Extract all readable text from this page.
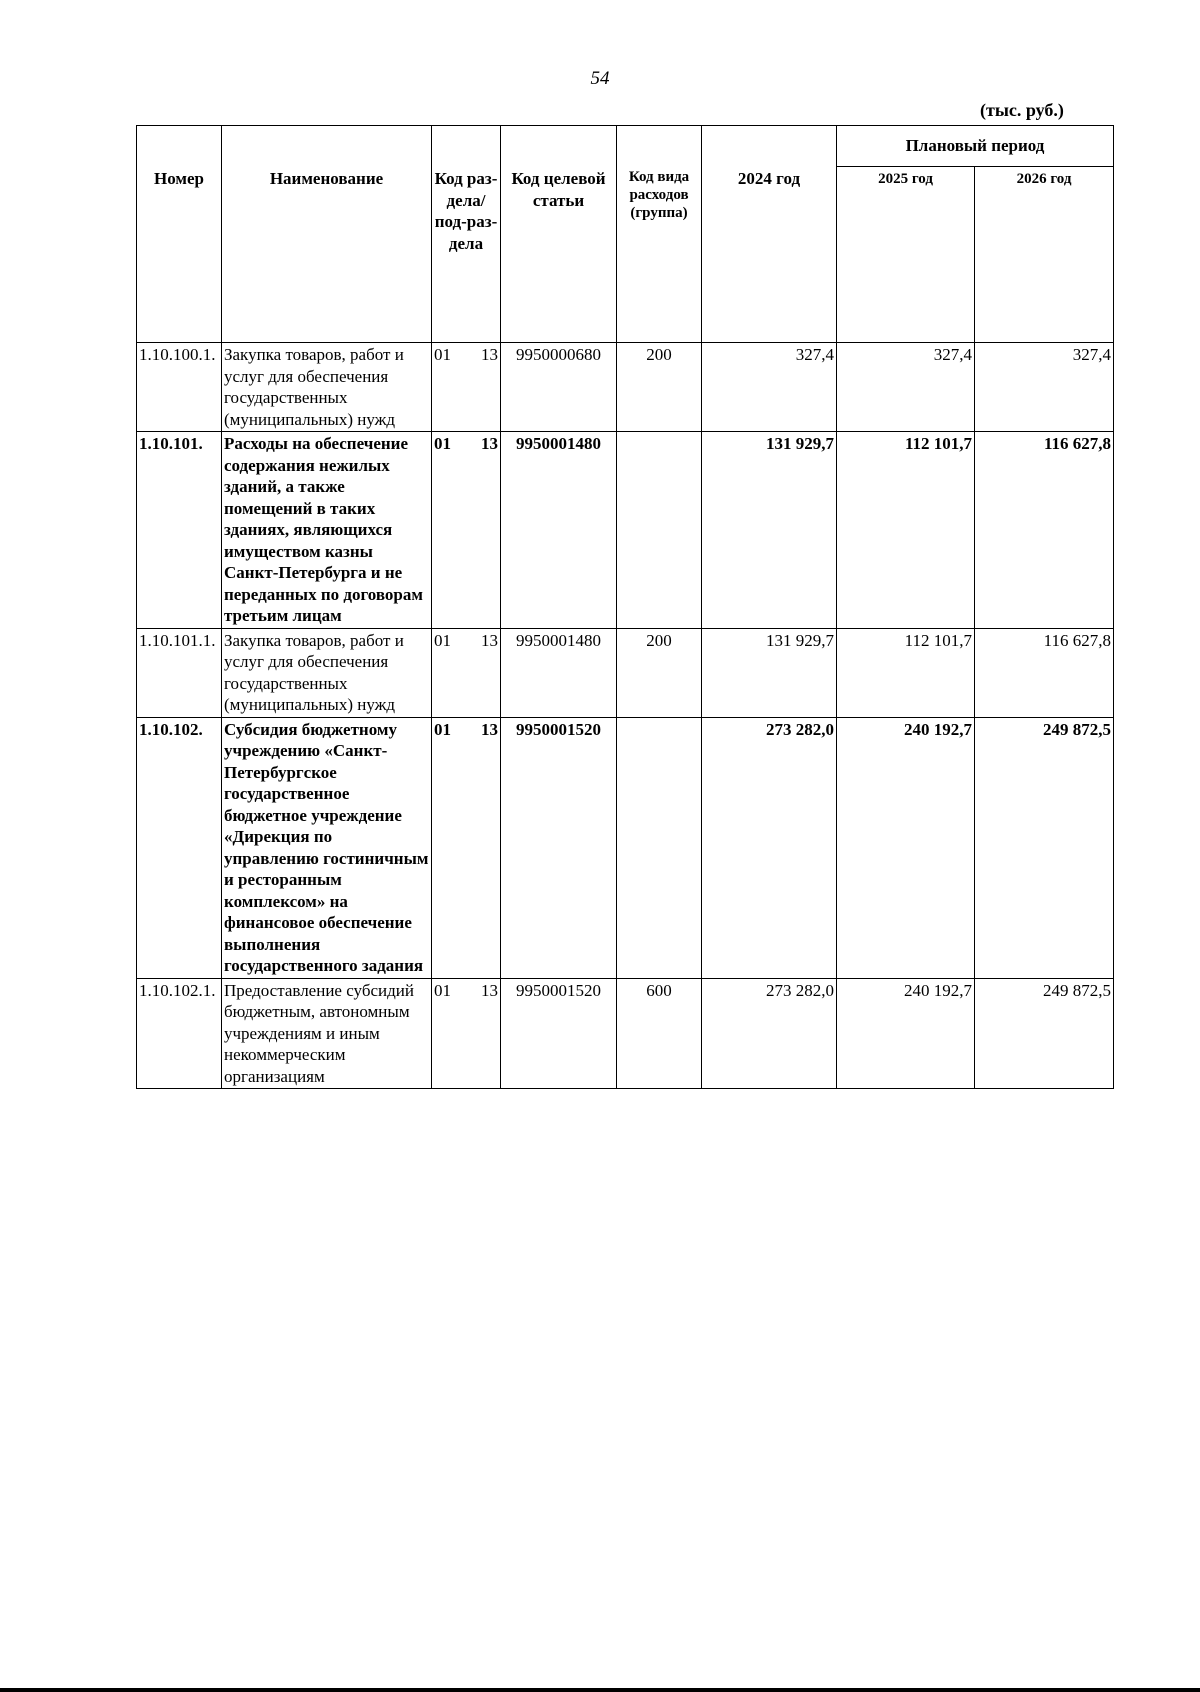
54
(тыс. руб.)
Номер	Наименование	Код раз-дела/ под-раз-дела	Код целевой статьи	Код вида расходов (группа)	2024 год	Плановый период	
						2025 год	2026 год
1.10.100.1.	Закупка товаров, работ и услуг для обеспечения государственных (муниципальных) нужд	01 13	9950000680	200	327,4	327,4	327,4
1.10.101.	Расходы на обеспечение содержания нежилых зданий, а также помещений в таких зданиях, являющихся имуществом казны Санкт-Петербурга и не переданных по договорам третьим лицам	01 13	9950001480		131 929,7	112 101,7	116 627,8
1.10.101.1.	Закупка товаров, работ и услуг для обеспечения государственных (муниципальных) нужд	01 13	9950001480	200	131 929,7	112 101,7	116 627,8
1.10.102.	Субсидия бюджетному учреждению «Санкт-Петербургское государственное бюджетное учреждение «Дирекция по управлению гостиничным и ресторанным комплексом» на финансовое обеспечение выполнения государственного задания	01 13	9950001520		273 282,0	240 192,7	249 872,5
1.10.102.1.	Предоставление субсидий бюджетным, автономным учреждениям и иным некоммерческим организациям	01 13	9950001520	600	273 282,0	240 192,7	249 872,5
